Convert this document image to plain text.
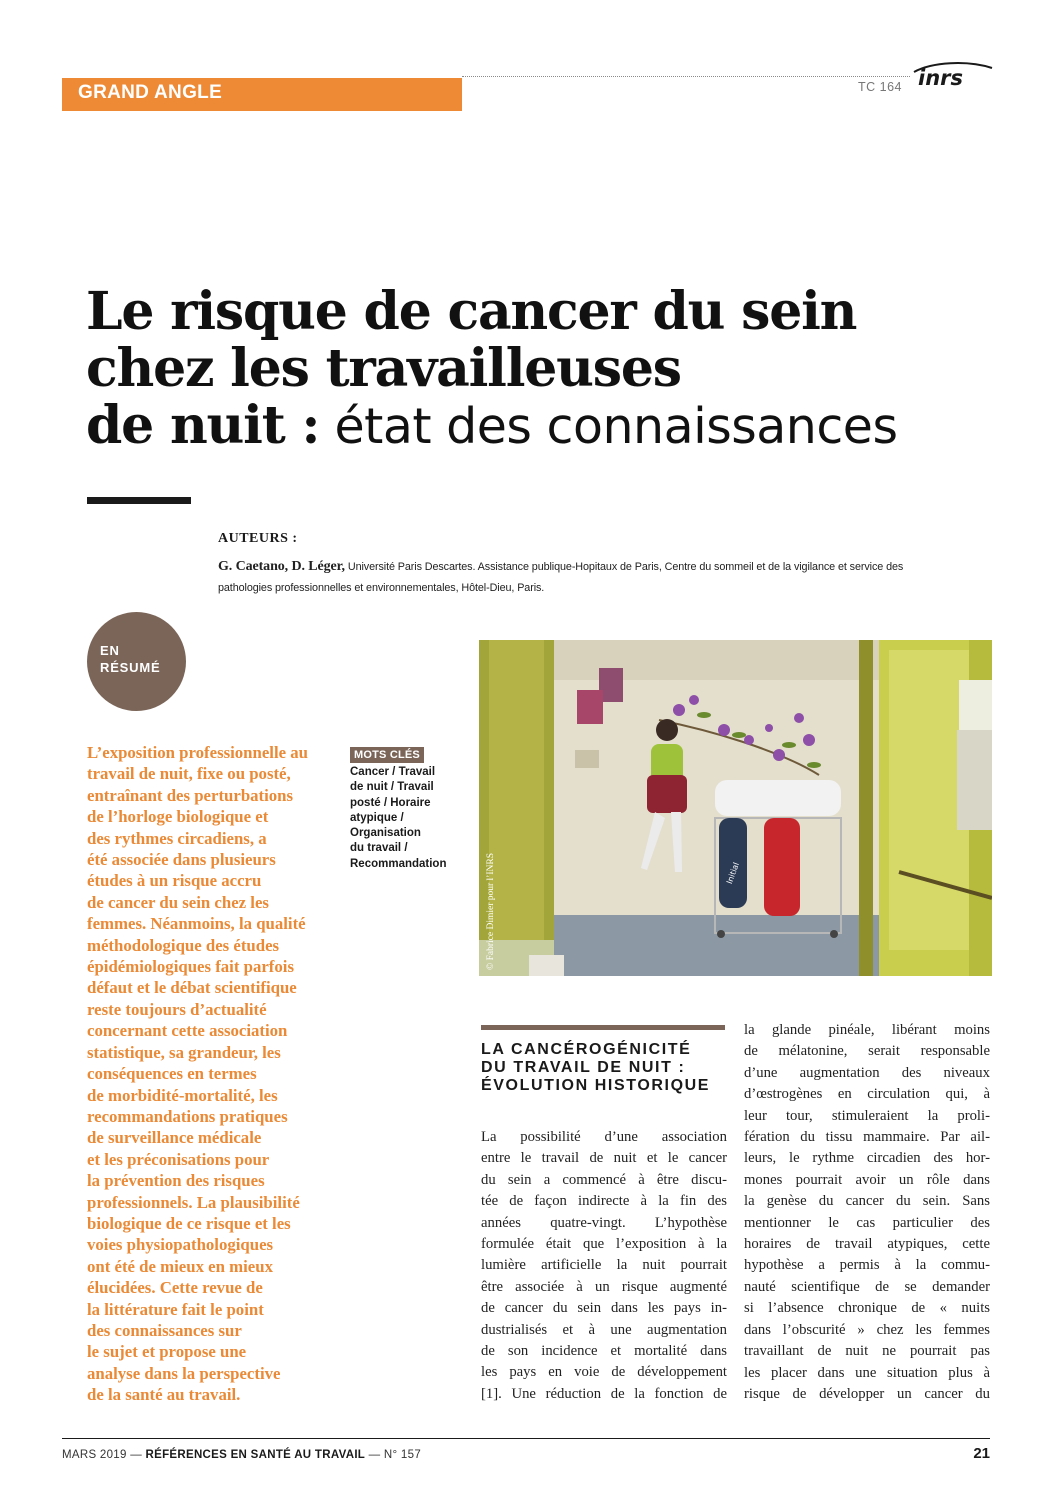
GRAND ANGLE
inrs
TC 164
Le risque de cancer du sein
chez les travailleuses
de nuit : état des connaissances
AUTEURS :
G. Caetano, D. Léger, Université Paris Descartes. Assistance publique-Hopitaux de Paris, Centre du sommeil et de la vigilance et service des
pathologies professionnelles et environnementales, Hôtel-Dieu, Paris.
EN
RÉSUMÉ
L’exposition professionnelle au
travail de nuit, fixe ou posté,
entraînant des perturbations
de l’horloge biologique et
des rythmes circadiens, a
été associée dans plusieurs
études à un risque accru
de cancer du sein chez les
femmes. Néanmoins, la qualité
méthodologique des études
épidémiologiques fait parfois
défaut et le débat scientifique
reste toujours d’actualité
concernant cette association
statistique, sa grandeur, les
conséquences en termes
de morbidité-mortalité, les
recommandations pratiques
de surveillance médicale
et les préconisations pour
la prévention des risques
professionnels. La plausibilité
biologique de ce risque et les
voies physiopathologiques
ont été de mieux en mieux
élucidées. Cette revue de
la littérature fait le point
des connaissances sur
le sujet et propose une
analyse dans la perspective
de la santé au travail.
MOTS CLÉS
Cancer / Travail
de nuit / Travail
posté / Horaire
atypique /
Organisation
du travail /
Recommandation	Initial
© Fabrice Dimier pour l’INRS
LA CANCÉROGÉNICITÉ
DU TRAVAIL DE NUIT :
ÉVOLUTION HISTORIQUE
La possibilité d’une association
entre le travail de nuit et le cancer
du sein a commencé à être discu-
tée de façon indirecte à la fin des
années quatre-vingt. L’hypothèse
formulée était que l’exposition à la
lumière artificielle la nuit pourrait
être associée à un risque augmenté
de cancer du sein dans les pays in-
dustrialisés et à une augmentation
de son incidence et mortalité dans
les pays en voie de développement
[1]. Une réduction de la fonction de
la glande pinéale, libérant moins
de mélatonine, serait responsable
d’une augmentation des niveaux
d’œstrogènes en circulation qui, à
leur tour, stimuleraient la proli-
fération du tissu mammaire. Par ail-
leurs, le rythme circadien des hor-
mones pourrait avoir un rôle dans
la genèse du cancer du sein. Sans
mentionner le cas particulier des
horaires de travail atypiques, cette
hypothèse a permis à la commu-
nauté scientifique de se demander
si l’absence chronique de « nuits
dans l’obscurité » chez les femmes
travaillant de nuit ne pourrait pas
les placer dans une situation plus à
risque de développer un cancer du
MARS 2019 — RÉFÉRENCES EN SANTÉ AU TRAVAIL — N° 157	21
